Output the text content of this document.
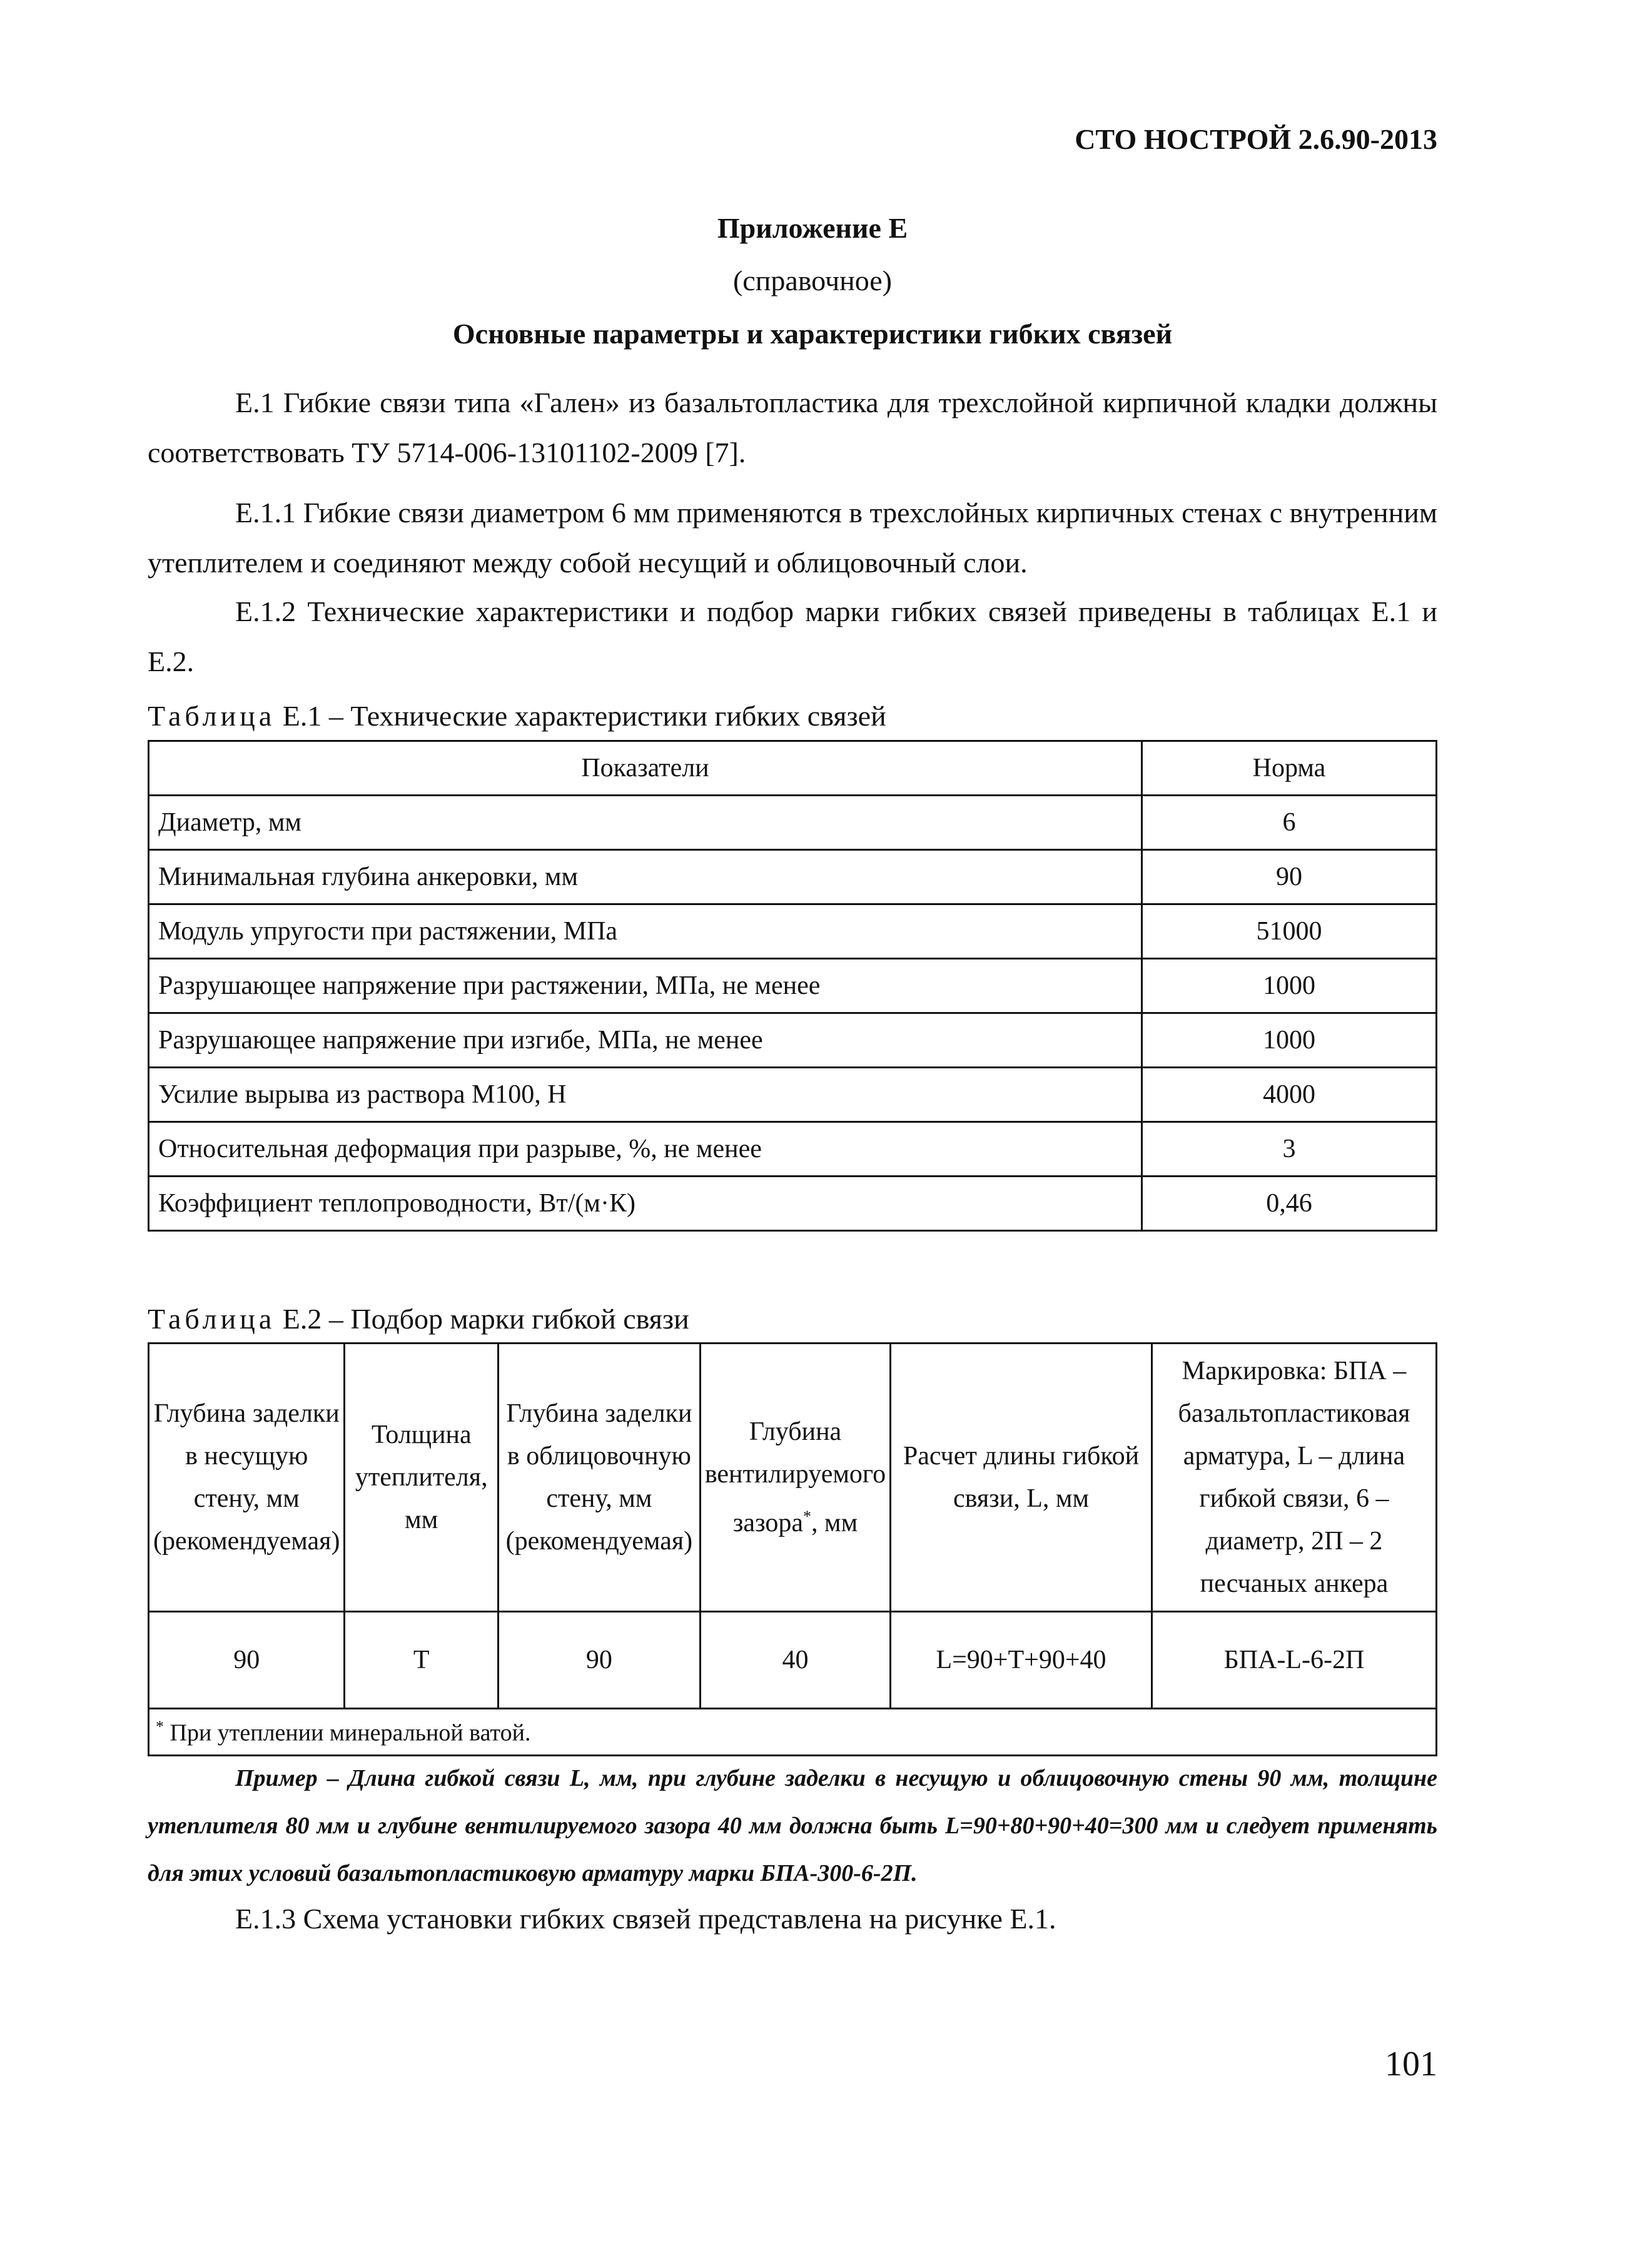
СТО НОСТРОЙ 2.6.90-2013

Приложение Е

(справочное)

Основные параметры и характеристики гибких связей

Е.1 Гибкие связи типа «Гален» из базальтопластика для трехслойной кирпичной кладки должны соответствовать ТУ 5714-006-13101102-2009 [7].

Е.1.1 Гибкие связи диаметром 6 мм применяются в трехслойных кирпичных стенах с внутренним утеплителем и соединяют между собой несущий и облицовочный слои.

Е.1.2 Технические характеристики и подбор марки гибких связей приведены в таблицах Е.1 и Е.2.

Таблица Е.1 – Технические характеристики гибких связей

Показатели	Норма
Диаметр, мм	6
Минимальная глубина анкеровки, мм	90
Модуль упругости при растяжении, МПа	51000
Разрушающее напряжение при растяжении, МПа, не менее	1000
Разрушающее напряжение при изгибе, МПа, не менее	1000
Усилие вырыва из раствора М100, Н	4000
Относительная деформация при разрыве, %, не менее	3
Коэффициент теплопроводности, Вт/(м·К)	0,46

Таблица Е.2 – Подбор марки гибкой связи

Глубина заделки в несущую стену, мм (рекомендуемая)	Толщина утеплителя, мм	Глубина заделки в облицовочную стену, мм (рекомендуемая)	Глубина вентилируемого зазора*, мм	Расчет длины гибкой связи, L, мм	Маркировка: БПА – базальтопластиковая арматура, L – длина гибкой связи, 6 – диаметр, 2П – 2 песчаных анкера
90	Т	90	40	L=90+Т+90+40	БПА-L-6-2П
* При утеплении минеральной ватой.					

Пример – Длина гибкой связи L, мм, при глубине заделки в несущую и облицовочную стены 90 мм, толщине утеплителя 80 мм и глубине вентилируемого зазора 40 мм должна быть L=90+80+90+40=300 мм и следует применять для этих условий базальтопластиковую арматуру марки БПА-300-6-2П.

Е.1.3 Схема установки гибких связей представлена на рисунке Е.1.

101
